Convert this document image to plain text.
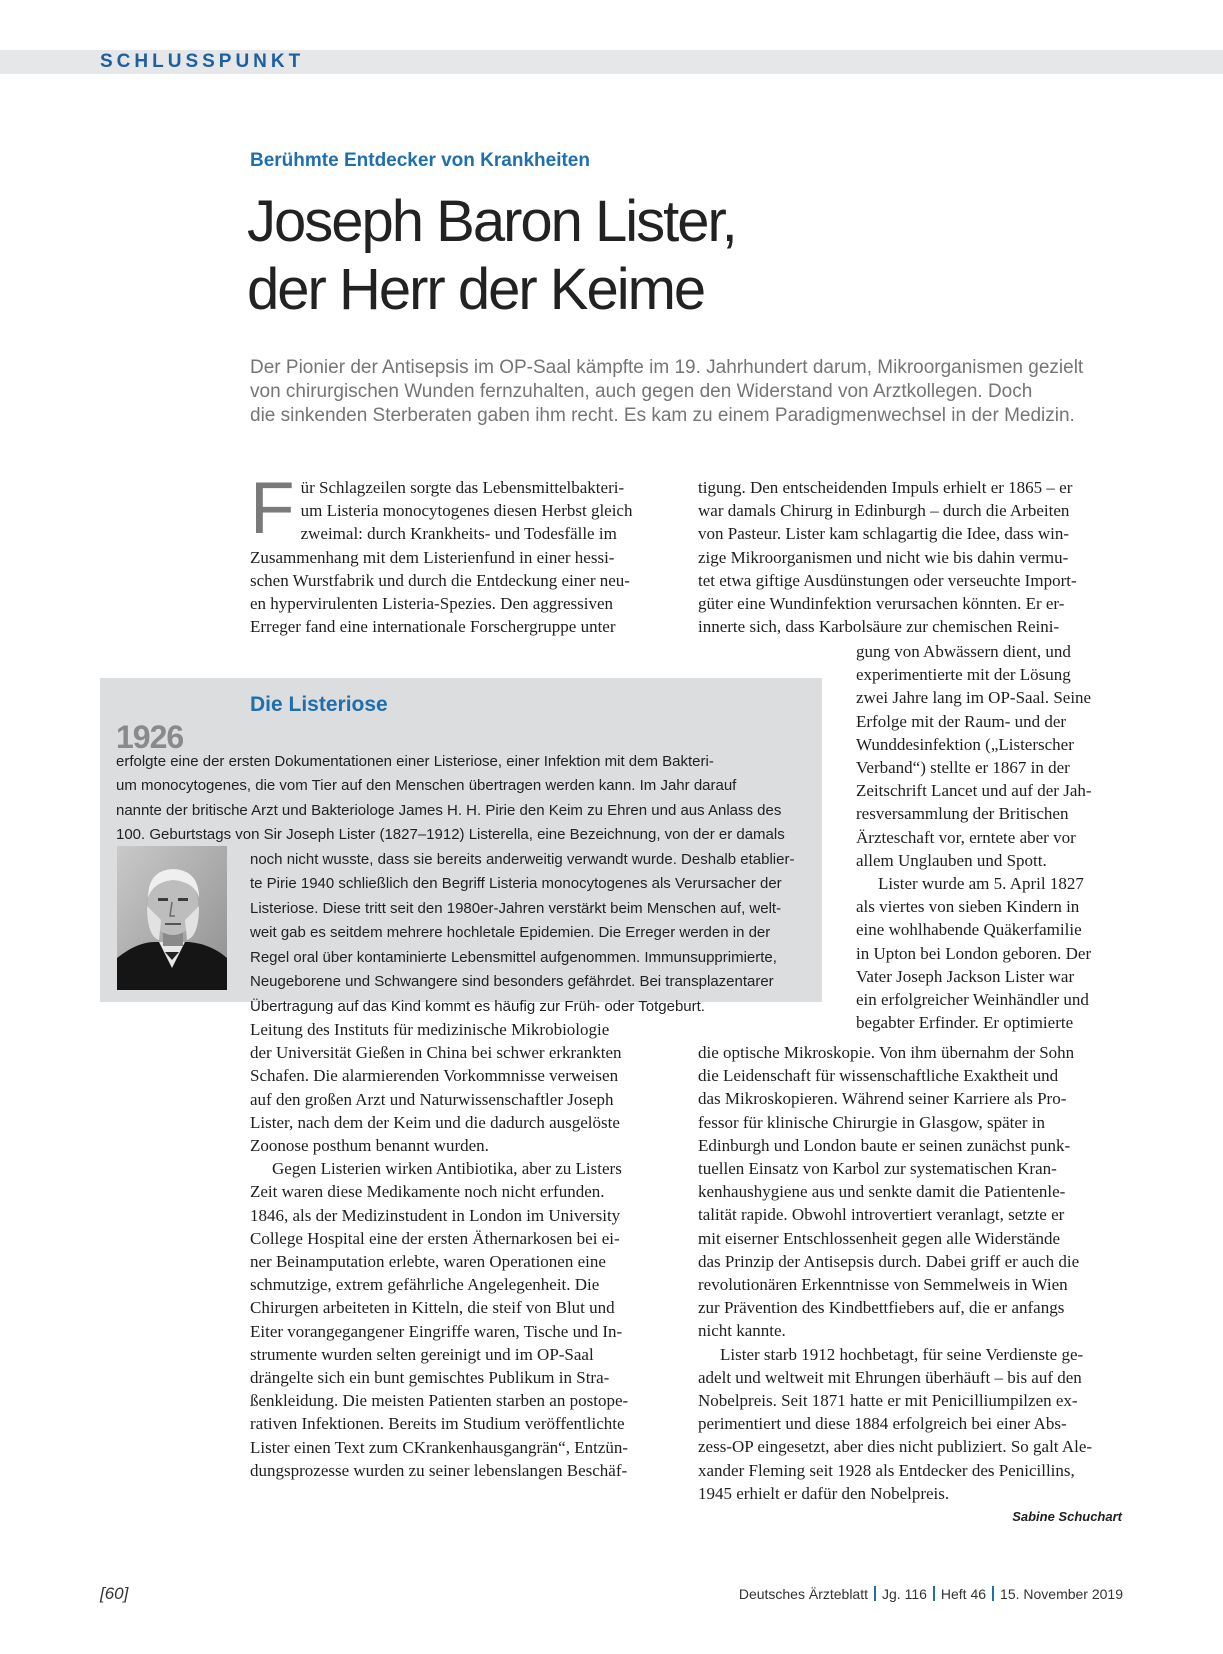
SCHLUSSPUNKT
Berühmte Entdecker von Krankheiten
Joseph Baron Lister,
der Herr der Keime

Der Pionier der Antisepsis im OP-Saal kämpfte im 19. Jahrhundert darum, Mikroorganismen gezielt
von chirurgischen Wunden fernzuhalten, auch gegen den Widerstand von Arztkollegen. Doch
die sinkenden Sterberaten gaben ihm recht. Es kam zu einem Paradigmenwechsel in der Medizin.

F ür Schlagzeilen sorgte das Lebensmittelbakteri-
um Listeria monocytogenes diesen Herbst gleich
zweimal: durch Krankheits- und Todesfälle im
Zusammenhang mit dem Listerienfund in einer hessi-
schen Wurstfabrik und durch die Entdeckung einer neu-
en hypervirulenten Listeria-Spezies. Den aggressiven
Erreger fand eine internationale Forschergruppe unter
tigung. Den entscheidenden Impuls erhielt er 1865 – er
war damals Chirurg in Edinburgh – durch die Arbeiten
von Pasteur. Lister kam schlagartig die Idee, dass win-
zige Mikroorganismen und nicht wie bis dahin vermu-
tet etwa giftige Ausdünstungen oder verseuchte Import-
güter eine Wundinfektion verursachen könnten. Er er-
innerte sich, dass Karbolsäure zur chemischen Reini-
gung von Abwässern dient, und
experimentierte mit der Lösung
zwei Jahre lang im OP-Saal. Seine
Erfolge mit der Raum- und der
Wunddesinfektion („Listerscher
Verband“) stellte er 1867 in der
Zeitschrift Lancet und auf der Jah-
resversammlung der Britischen
Ärzteschaft vor, erntete aber vor
allem Unglauben und Spott.
Lister wurde am 5. April 1827
als viertes von sieben Kindern in
eine wohlhabende Quäkerfamilie
in Upton bei London geboren. Der
Vater Joseph Jackson Lister war
ein erfolgreicher Weinhändler und
begabter Erfinder. Er optimierte
Die Listeriose

1926
erfolgte eine der ersten Dokumentationen einer Listeriose, einer Infektion mit dem Bakteri-
um monocytogenes, die vom Tier auf den Menschen übertragen werden kann. Im Jahr darauf
nannte der britische Arzt und Bakteriologe James H. H. Pirie den Keim zu Ehren und aus Anlass des
100. Geburtstags von Sir Joseph Lister (1827–1912) Listerella, eine Bezeichnung, von der er damals
noch nicht wusste, dass sie bereits anderweitig verwandt wurde. Deshalb etablier-
te Pirie 1940 schließlich den Begriff Listeria monocytogenes als Verursacher der
Listeriose. Diese tritt seit den 1980er-Jahren verstärkt beim Menschen auf, welt-
weit gab es seitdem mehrere hochletale Epidemien. Die Erreger werden in der
Regel oral über kontaminierte Lebensmittel aufgenommen. Immunsupprimierte,
Neugeborene und Schwangere sind besonders gefährdet. Bei transplazentarer
Übertragung auf das Kind kommt es häufig zur Früh- oder Totgeburt.

Leitung des Instituts für medizinische Mikrobiologie
der Universität Gießen in China bei schwer erkrankten
Schafen. Die alarmierenden Vorkommnisse verweisen
auf den großen Arzt und Naturwissenschaftler Joseph
Lister, nach dem der Keim und die dadurch ausgelöste
Zoonose posthum benannt wurden.
Gegen Listerien wirken Antibiotika, aber zu Listers
Zeit waren diese Medikamente noch nicht erfunden.
1846, als der Medizinstudent in London im University
College Hospital eine der ersten Äthernarkosen bei ei-
ner Beinamputation erlebte, waren Operationen eine
schmutzige, extrem gefährliche Angelegenheit. Die
Chirurgen arbeiteten in Kitteln, die steif von Blut und
Eiter vorangegangener Eingriffe waren, Tische und In-
strumente wurden selten gereinigt und im OP-Saal
drängelte sich ein bunt gemischtes Publikum in Stra-
ßenkleidung. Die meisten Patienten starben an postope-
rativen Infektionen. Bereits im Studium veröffentlichte
Lister einen Text zum CKrankenhausgangrän“, Entzün-
dungsprozesse wurden zu seiner lebenslangen Beschäf-
die optische Mikroskopie. Von ihm übernahm der Sohn
die Leidenschaft für wissenschaftliche Exaktheit und
das Mikroskopieren. Während seiner Karriere als Pro-
fessor für klinische Chirurgie in Glasgow, später in
Edinburgh und London baute er seinen zunächst punk-
tuellen Einsatz von Karbol zur systematischen Kran-
kenhaushygiene aus und senkte damit die Patientenle-
talität rapide. Obwohl introvertiert veranlagt, setzte er
mit eiserner Entschlossenheit gegen alle Widerstände
das Prinzip der Antisepsis durch. Dabei griff er auch die
revolutionären Erkenntnisse von Semmelweis in Wien
zur Prävention des Kindbettfiebers auf, die er anfangs
nicht kannte.
Lister starb 1912 hochbetagt, für seine Verdienste ge-
adelt und weltweit mit Ehrungen überhäuft – bis auf den
Nobelpreis. Seit 1871 hatte er mit Penicilliumpilzen ex-
perimentiert und diese 1884 erfolgreich bei einer Abs-
zess-OP eingesetzt, aber dies nicht publiziert. So galt Ale-
xander Fleming seit 1928 als Entdecker des Penicillins,
1945 erhielt er dafür den Nobelpreis.
Sabine Schuchart

[60]	Deutsches Ärzteblatt Jg. 116 Heft 46 15. November 2019
